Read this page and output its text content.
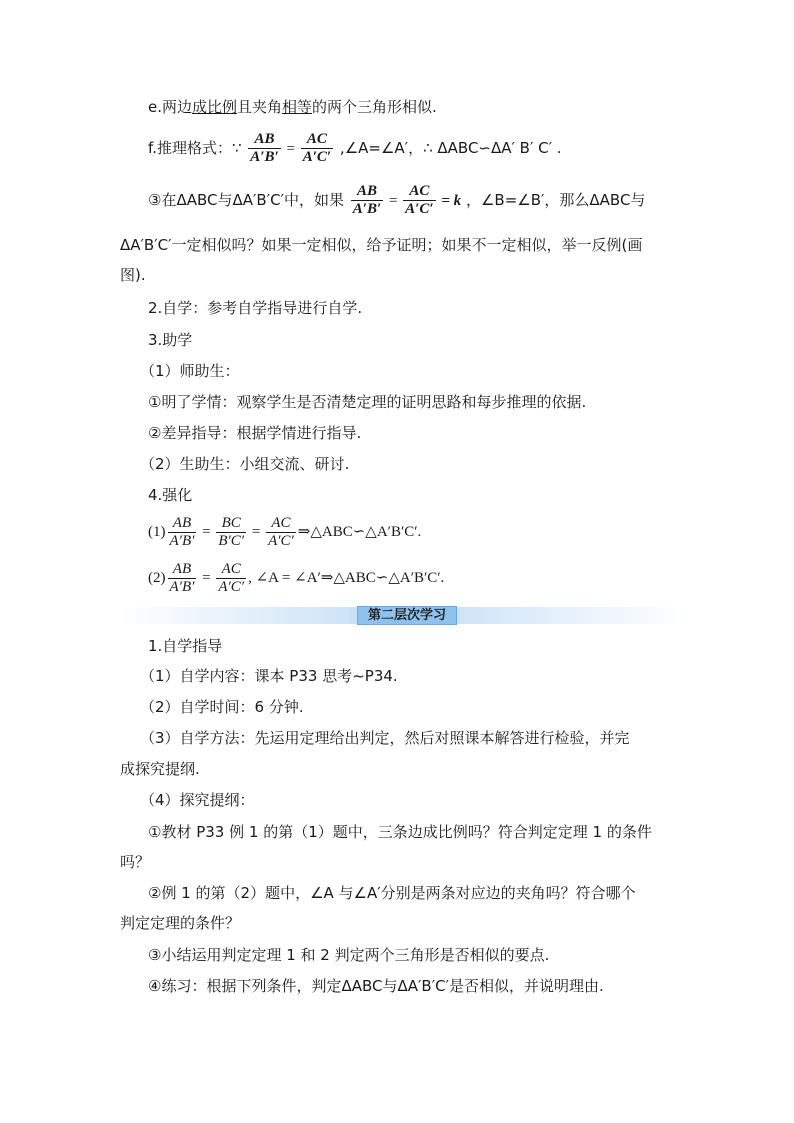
e.两边成比例且夹角相等的两个三角形相似.
f.推理格式：∵ $\frac{AB}{A'B'} = \frac{AC}{A'C'}$ ,∠A=∠A′，∴ ΔABC∽ΔA′ B′ C′ .
③在ΔABC与ΔA′B′C′中，如果 $\frac{AB}{A'B'} = \frac{AC}{A'C'} = k$ ，∠B=∠B′，那么ΔABC与
ΔA′B′C′一定相似吗？如果一定相似，给予证明；如果不一定相似，举一反例(画
图).
2.自学：参考自学指导进行自学.
3.助学
（1）师助生：
①明了学情：观察学生是否清楚定理的证明思路和每步推理的依据.
②差异指导：根据学情进行指导.
（2）生助生：小组交流、研讨.
4.强化
$(1) \frac{AB}{A'B'} = \frac{BC}{B'C'} = \frac{AC}{A'C'}$ ⇒△ABC∽△A′B′C′.
$(2) \frac{AB}{A'B'} = \frac{AC}{A'C'}$ , ∠A = ∠A′⇒△ABC∽△A′B′C′.
第二层次学习
1.自学指导
（1）自学内容：课本 P33 思考~P34.
（2）自学时间：6 分钟.
（3）自学方法：先运用定理给出判定，然后对照课本解答进行检验，并完
成探究提纲.
（4）探究提纲：
①教材 P33 例 1 的第（1）题中，三条边成比例吗？符合判定定理 1 的条件
吗？
②例 1 的第（2）题中，∠A 与∠A′分别是两条对应边的夹角吗？符合哪个
判定定理的条件？
③小结运用判定定理 1 和 2 判定两个三角形是否相似的要点.
④练习：根据下列条件，判定ΔABC与ΔA′B′C′是否相似，并说明理由.
